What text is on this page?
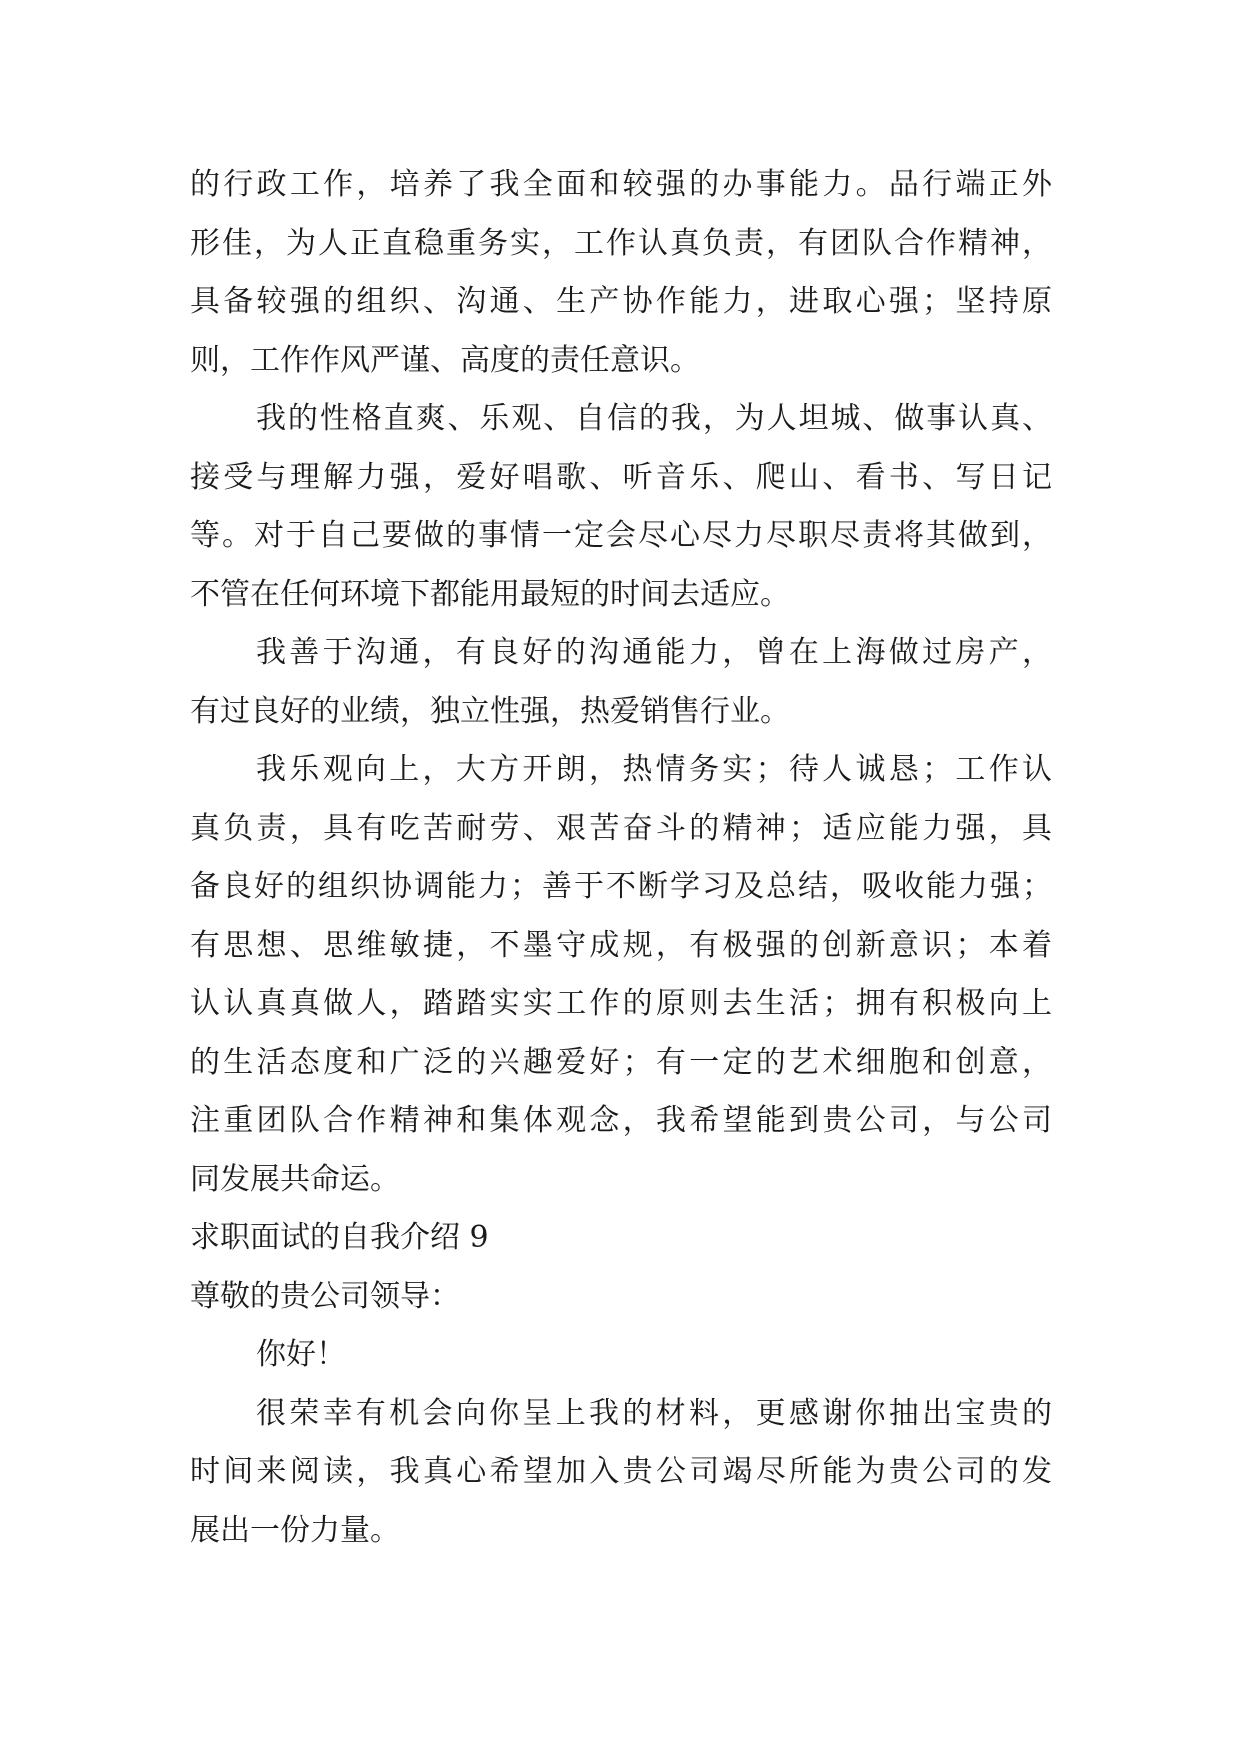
的行政工作，培养了我全面和较强的办事能力。品行端正外
形佳，为人正直稳重务实，工作认真负责，有团队合作精神，
具备较强的组织、沟通、生产协作能力，进取心强；坚持原
则，工作作风严谨、高度的责任意识。
我的性格直爽、乐观、自信的我，为人坦城、做事认真、
接受与理解力强，爱好唱歌、听音乐、爬山、看书、写日记
等。对于自己要做的事情一定会尽心尽力尽职尽责将其做到，
不管在任何环境下都能用最短的时间去适应。
我善于沟通，有良好的沟通能力，曾在上海做过房产，
有过良好的业绩，独立性强，热爱销售行业。
我乐观向上，大方开朗，热情务实；待人诚恳；工作认
真负责，具有吃苦耐劳、艰苦奋斗的精神；适应能力强，具
备良好的组织协调能力；善于不断学习及总结，吸收能力强；
有思想、思维敏捷，不墨守成规，有极强的创新意识；本着
认认真真做人，踏踏实实工作的原则去生活；拥有积极向上
的生活态度和广泛的兴趣爱好；有一定的艺术细胞和创意，
注重团队合作精神和集体观念，我希望能到贵公司，与公司
同发展共命运。
求职面试的自我介绍 9
尊敬的贵公司领导：
你好！
很荣幸有机会向你呈上我的材料，更感谢你抽出宝贵的
时间来阅读，我真心希望加入贵公司竭尽所能为贵公司的发
展出一份力量。
